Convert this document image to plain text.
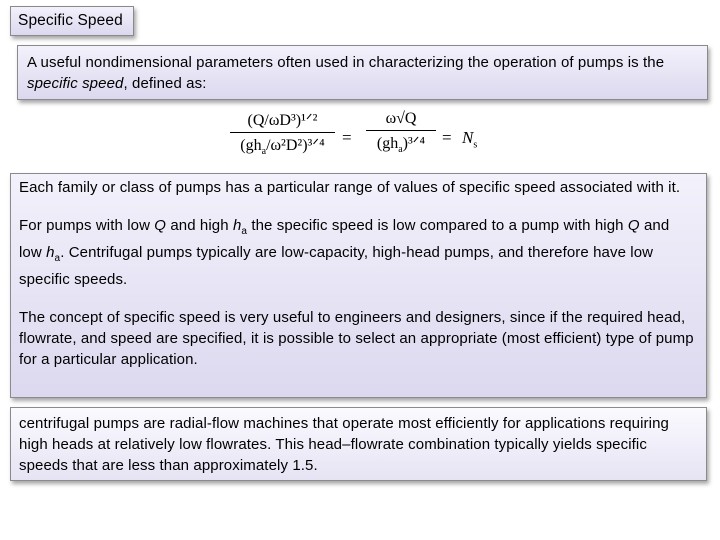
Specific Speed
A useful nondimensional parameters often used in characterizing the operation of pumps is the specific speed, defined as:
(Q/ωD³)¹ᐟ²
$(gh_a/\omega^2D^2)^3ᐟ^4$	=
ω√Q
$(gh_a)^3ᐟ^4 = N_s$

Each family or class of pumps has a particular range of values of specific speed associated with it.

For pumps with low Q and high $h_a$ the specific speed is low compared to a pump with high Q and low $h_a$. Centrifugal pumps typically are low-capacity, high-head pumps, and therefore have low specific speeds.

The concept of specific speed is very useful to engineers and designers, since if the required head, flowrate, and speed are specified, it is possible to select an appropriate (most efficient) type of pump for a particular application.

centrifugal pumps are radial-flow machines that operate most efficiently for applications requiring high heads at relatively low flowrates. This head–flowrate combination typically yields specific speeds that are less than approximately 1.5.
